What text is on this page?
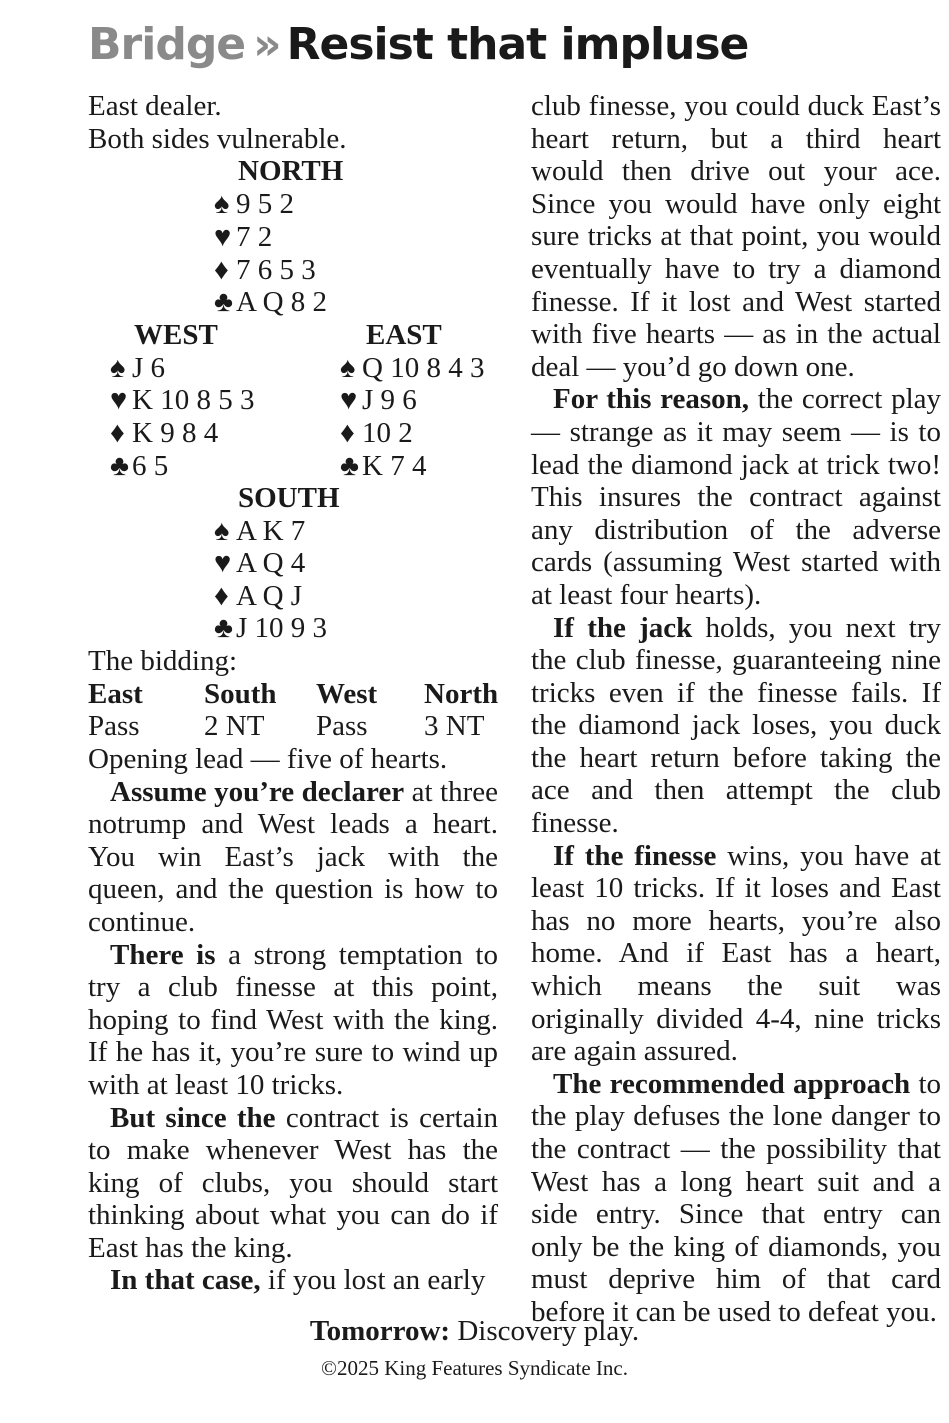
Bridge » Resist that impluse

East dealer.

Both sides vulnerable.

NORTH
♠ 9 5 2
♥ 7 2
♦ 7 6 5 3
♣ A Q 8 2
WEST
♠ J 6
♥ K 10 8 5 3
♦ K 9 8 4
♣ 6 5
EAST
♠ Q 10 8 4 3
♥ J 9 6
♦ 10 2
♣ K 7 4
SOUTH
♠ A K 7
♥ A Q 4
♦ A Q J
♣ J 10 9 3

The bidding:

East	South	West	North
Pass	2 NT	Pass	3 NT

Opening lead — five of hearts.

Assume you’re declarer at three notrump and West leads a heart. You win East’s jack with the queen, and the question is how to continue.

There is a strong temptation to try a club finesse at this point, hoping to find West with the king. If he has it, you’re sure to wind up with at least 10 tricks.

But since the contract is certain to make whenever West has the king of clubs, you should start thinking about what you can do if East has the king.

In that case, if you lost an early

club finesse, you could duck East’s heart return, but a third heart would then drive out your ace. Since you would have only eight sure tricks at that point, you would eventually have to try a diamond finesse. If it lost and West started with five hearts — as in the actual deal — you’d go down one.

For this reason, the correct play — strange as it may seem — is to lead the diamond jack at trick two! This insures the contract against any distribution of the adverse cards (assuming West started with at least four hearts).

If the jack holds, you next try the club finesse, guaranteeing nine tricks even if the finesse fails. If the diamond jack loses, you duck the heart return before taking the ace and then attempt the club finesse.

If the finesse wins, you have at least 10 tricks. If it loses and East has no more hearts, you’re also home. And if East has a heart, which means the suit was originally divided 4-4, nine tricks are again assured.

The recommended approach to the play defuses the lone danger to the contract — the possibility that West has a long heart suit and a side entry. Since that entry can only be the king of diamonds, you must deprive him of that card before it can be used to defeat you.

Tomorrow: Discovery play.
©2025 King Features Syndicate Inc.
